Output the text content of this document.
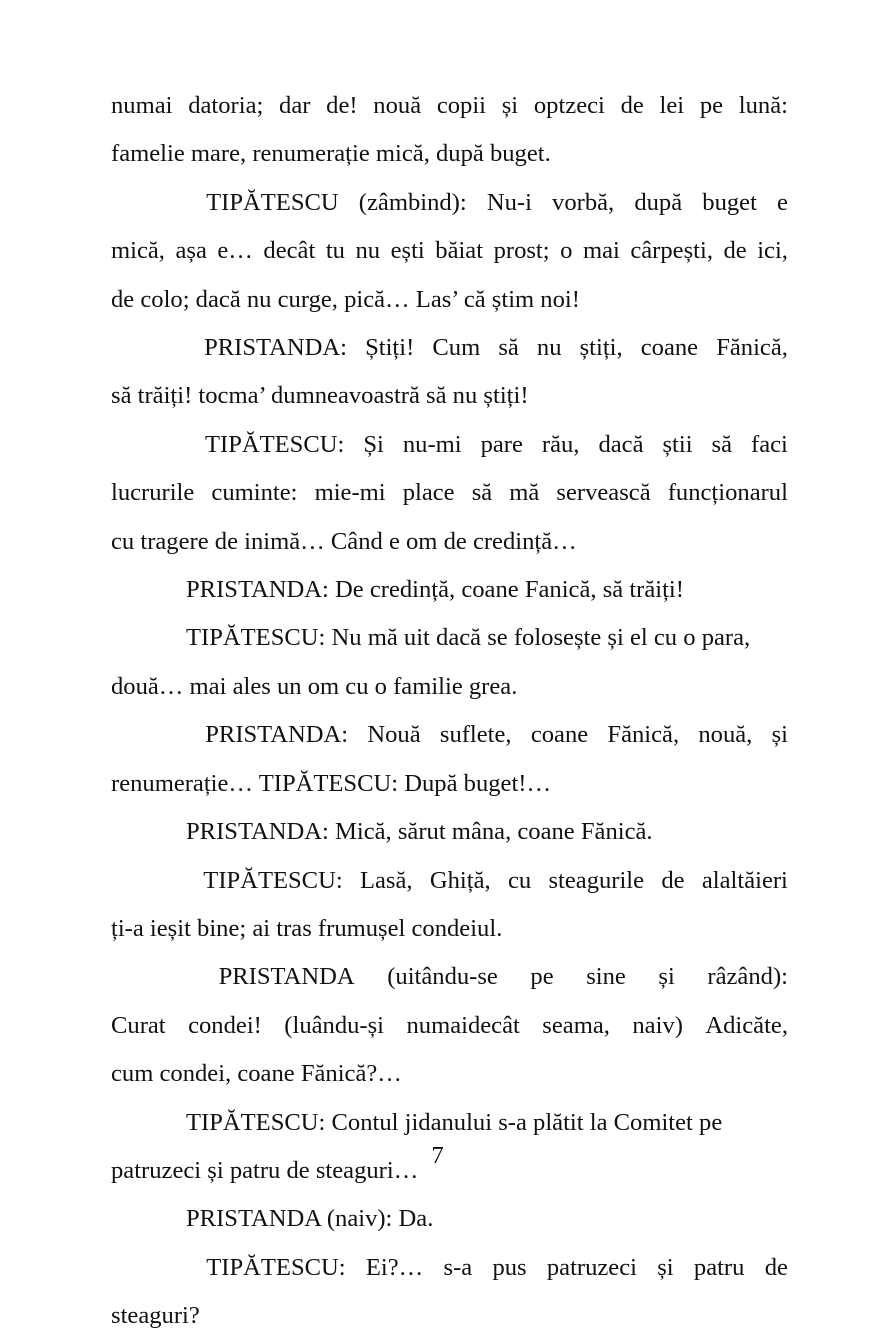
numai datoria; dar de! nouă copii și optzeci de lei pe lună:
famelie mare, renumerație mică, după buget.

TIPĂTESCU (zâmbind): Nu-i vorbă, după buget e
mică, așa e… decât tu nu ești băiat prost; o mai cârpești, de ici,
de colo; dacă nu curge, pică… Las’ că știm noi!

PRISTANDA: Știți! Cum să nu știți, coane Fănică,
să trăiți! tocma’ dumneavoastră să nu știți!

TIPĂTESCU: Și nu-mi pare rău, dacă știi să faci
lucrurile cuminte: mie-mi place să mă servească funcționarul
cu tragere de inimă… Când e om de credință…

PRISTANDA: De credință, coane Fanică, să trăiți!

TIPĂTESCU: Nu mă uit dacă se folosește și el cu o para,
două… mai ales un om cu o familie grea.

PRISTANDA: Nouă suflete, coane Fănică, nouă, și
renumerație… TIPĂTESCU: După buget!…

PRISTANDA: Mică, sărut mâna, coane Fănică.

TIPĂTESCU: Lasă, Ghiță, cu steagurile de alaltăieri
ți-a ieșit bine; ai tras frumușel condeiul.

PRISTANDA (uitându-se pe sine și râzând):
Curat condei! (luându-și numaidecât seama, naiv) Adicăte,
cum condei, coane Fănică?…

TIPĂTESCU: Contul jidanului s-a plătit la Comitet pe
patruzeci și patru de steaguri…

PRISTANDA (naiv): Da.

TIPĂTESCU: Ei?… s-a pus patruzeci și patru de
steaguri?

7
